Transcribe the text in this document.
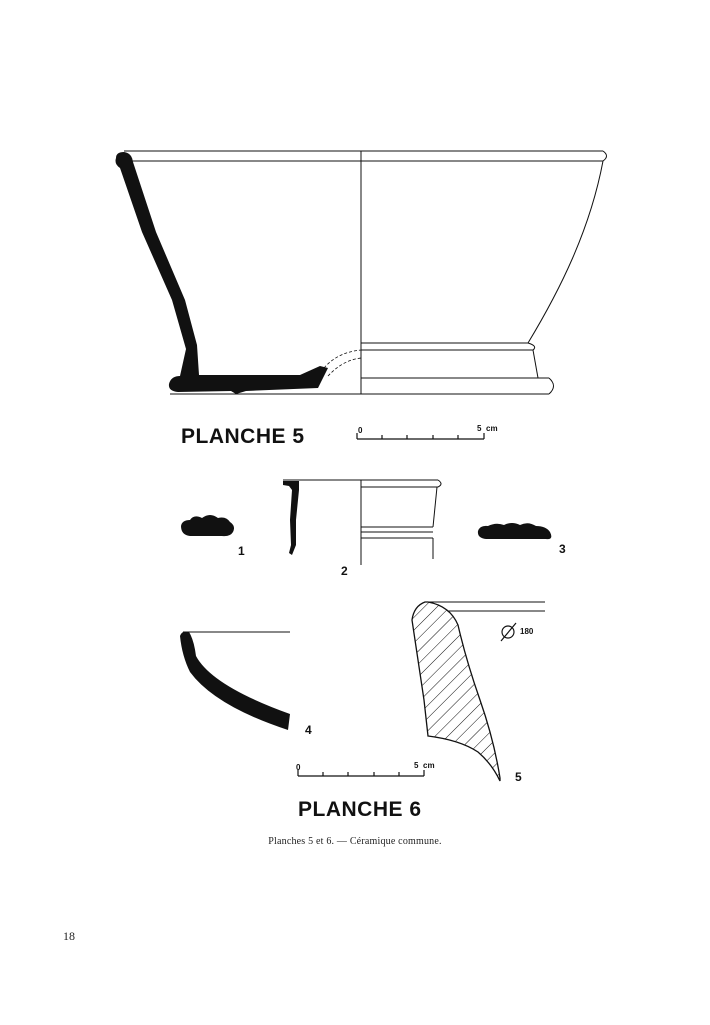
PLANCHE 5	0	5 cm
1
2
3
4
5
180
0	5 cm
PLANCHE 6
Planches 5 et 6. — Céramique commune.
18
